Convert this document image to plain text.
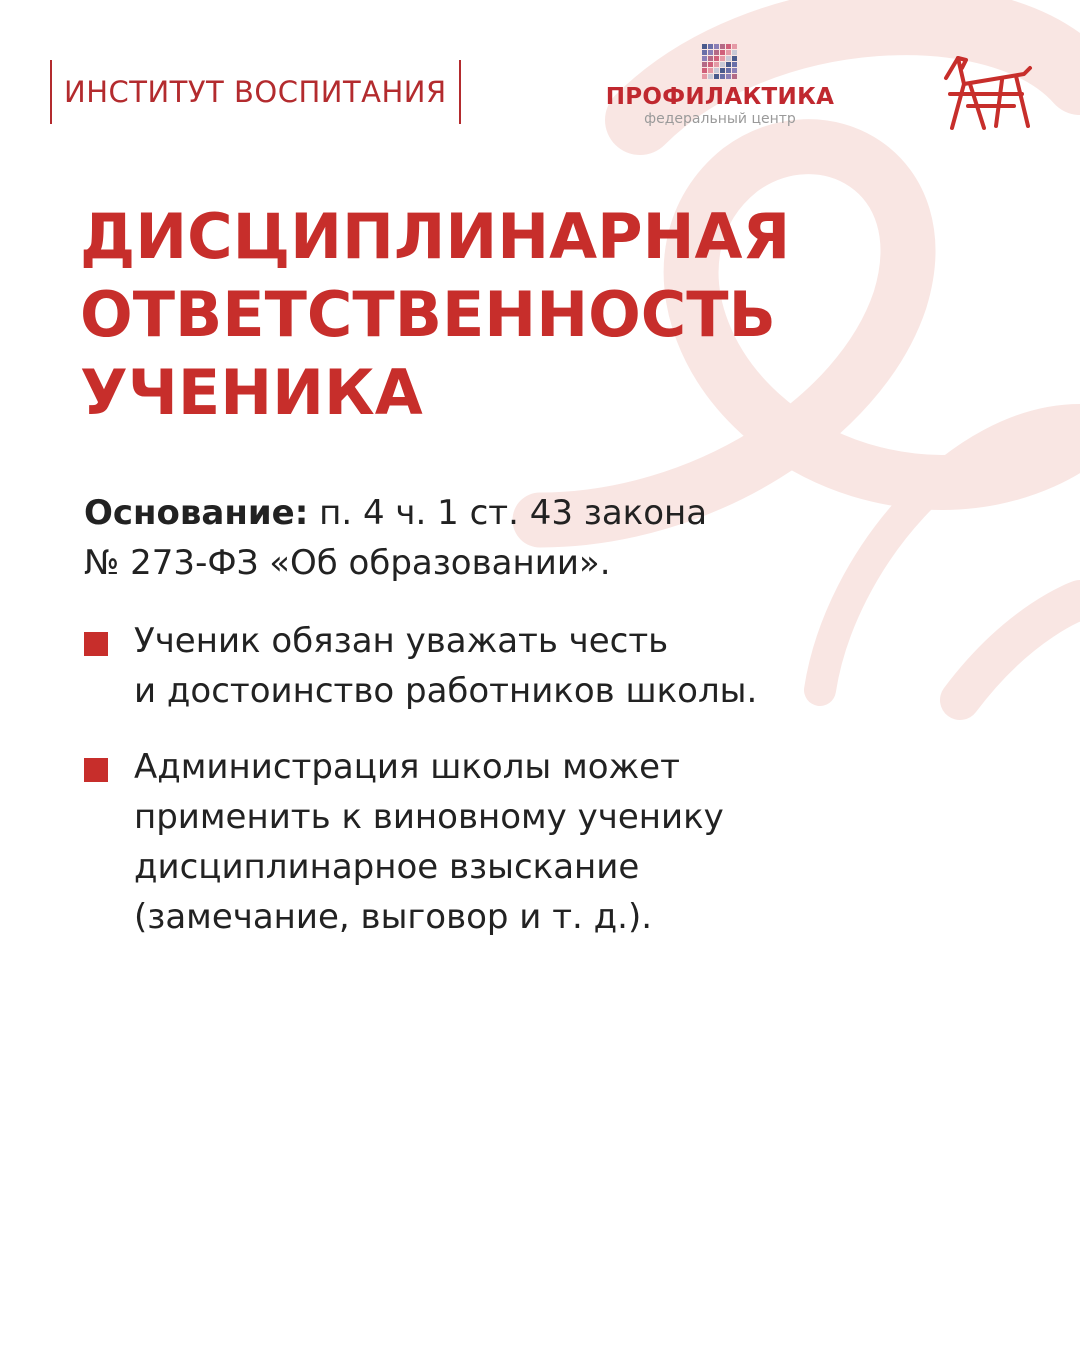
ИНСТИТУТ ВОСПИТАНИЯ	ПРОФИЛАКТИКА
федеральный центр
ДИСЦИПЛИНАРНАЯ
ОТВЕТСТВЕННОСТЬ
УЧЕНИКА

Основание: п. 4 ч. 1 ст. 43 закона
№ 273-ФЗ «Об образовании».

Ученик обязан уважать честь
и достоинство работников школы.
Администрация школы может
применить к виновному ученику
дисциплинарное взыскание
(замечание, выговор и т. д.).
